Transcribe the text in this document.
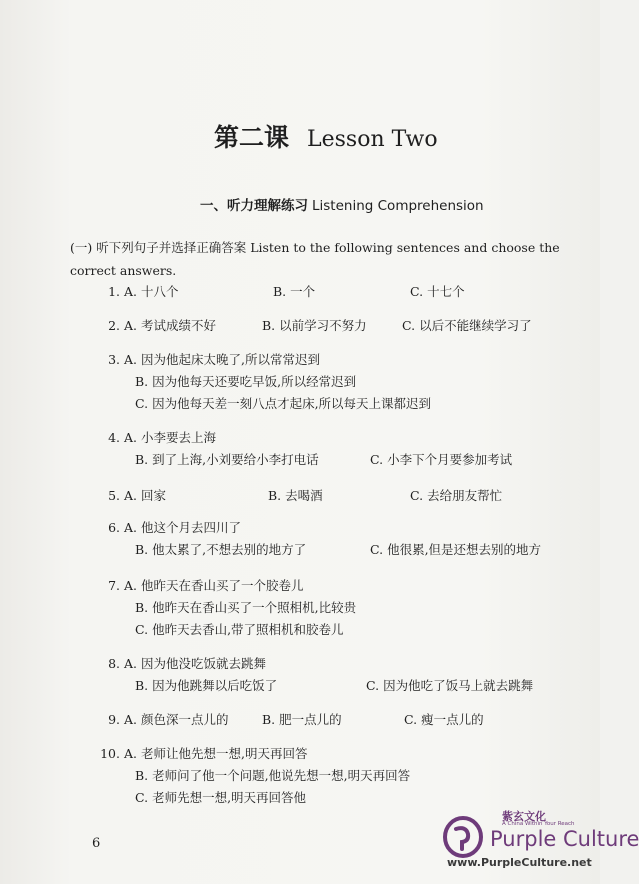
第二课 Lesson Two
一、听力理解练习 Listening Comprehension
(一) 听下列句子并选择正确答案 Listen to the following sentences and choose the correct answers.
1. A. 十八个	B. 一个	C. 十七个
2. A. 考试成绩不好	B. 以前学习不努力	C. 以后不能继续学习了
3. A. 因为他起床太晚了,所以常常迟到
B. 因为他每天还要吃早饭,所以经常迟到
C. 因为他每天差一刻八点才起床,所以每天上课都迟到
4. A. 小李要去上海
B. 到了上海,小刘要给小李打电话	C. 小李下个月要参加考试
5. A. 回家	B. 去喝酒	C. 去给朋友帮忙
6. A. 他这个月去四川了
B. 他太累了,不想去别的地方了	C. 他很累,但是还想去别的地方
7. A. 他昨天在香山买了一个胶卷儿
B. 他昨天在香山买了一个照相机,比较贵
C. 他昨天去香山,带了照相机和胶卷儿
8. A. 因为他没吃饭就去跳舞
B. 因为他跳舞以后吃饭了	C. 因为他吃了饭马上就去跳舞
9. A. 颜色深一点儿的	B. 肥一点儿的	C. 瘦一点儿的
10. A. 老师让他先想一想,明天再回答
B. 老师问了他一个问题,他说先想一想,明天再回答
C. 老师先想一想,明天再回答他
6
紫玄文化
A China Within Your Reach
Purple Culture
www.PurpleCulture.net
